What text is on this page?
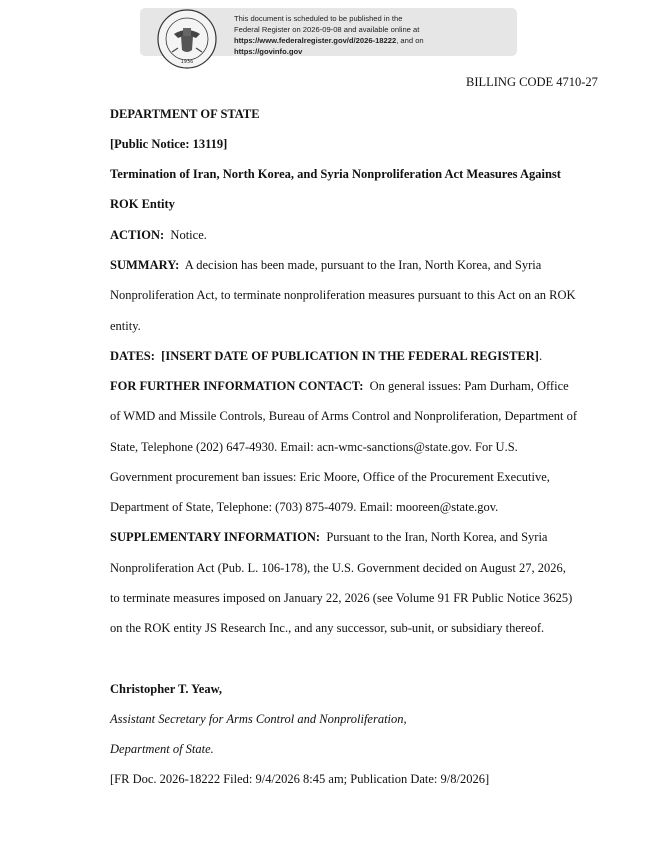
1936
This document is scheduled to be published in the
Federal Register on 2026-09-08 and available online at
https://www.federalregister.gov/d/2026-18222, and on
https://govinfo.gov
BILLING CODE 4710-27
DEPARTMENT OF STATE
[Public Notice: 13119]
Termination of Iran, North Korea, and Syria Nonproliferation Act Measures Against
ROK Entity
ACTION: Notice.
SUMMARY: A decision has been made, pursuant to the Iran, North Korea, and Syria
Nonproliferation Act, to terminate nonproliferation measures pursuant to this Act on an ROK
entity.
DATES: [INSERT DATE OF PUBLICATION IN THE FEDERAL REGISTER].
FOR FURTHER INFORMATION CONTACT: On general issues: Pam Durham, Office
of WMD and Missile Controls, Bureau of Arms Control and Nonproliferation, Department of
State, Telephone (202) 647-4930. Email: acn-wmc-sanctions@state.gov. For U.S.
Government procurement ban issues: Eric Moore, Office of the Procurement Executive,
Department of State, Telephone: (703) 875-4079. Email: mooreen@state.gov.
SUPPLEMENTARY INFORMATION: Pursuant to the Iran, North Korea, and Syria
Nonproliferation Act (Pub. L. 106-178), the U.S. Government decided on August 27, 2026,
to terminate measures imposed on January 22, 2026 (see Volume 91 FR Public Notice 3625)
on the ROK entity JS Research Inc., and any successor, sub-unit, or subsidiary thereof.
Christopher T. Yeaw,
Assistant Secretary for Arms Control and Nonproliferation,
Department of State.
[FR Doc. 2026-18222 Filed: 9/4/2026 8:45 am; Publication Date: 9/8/2026]
